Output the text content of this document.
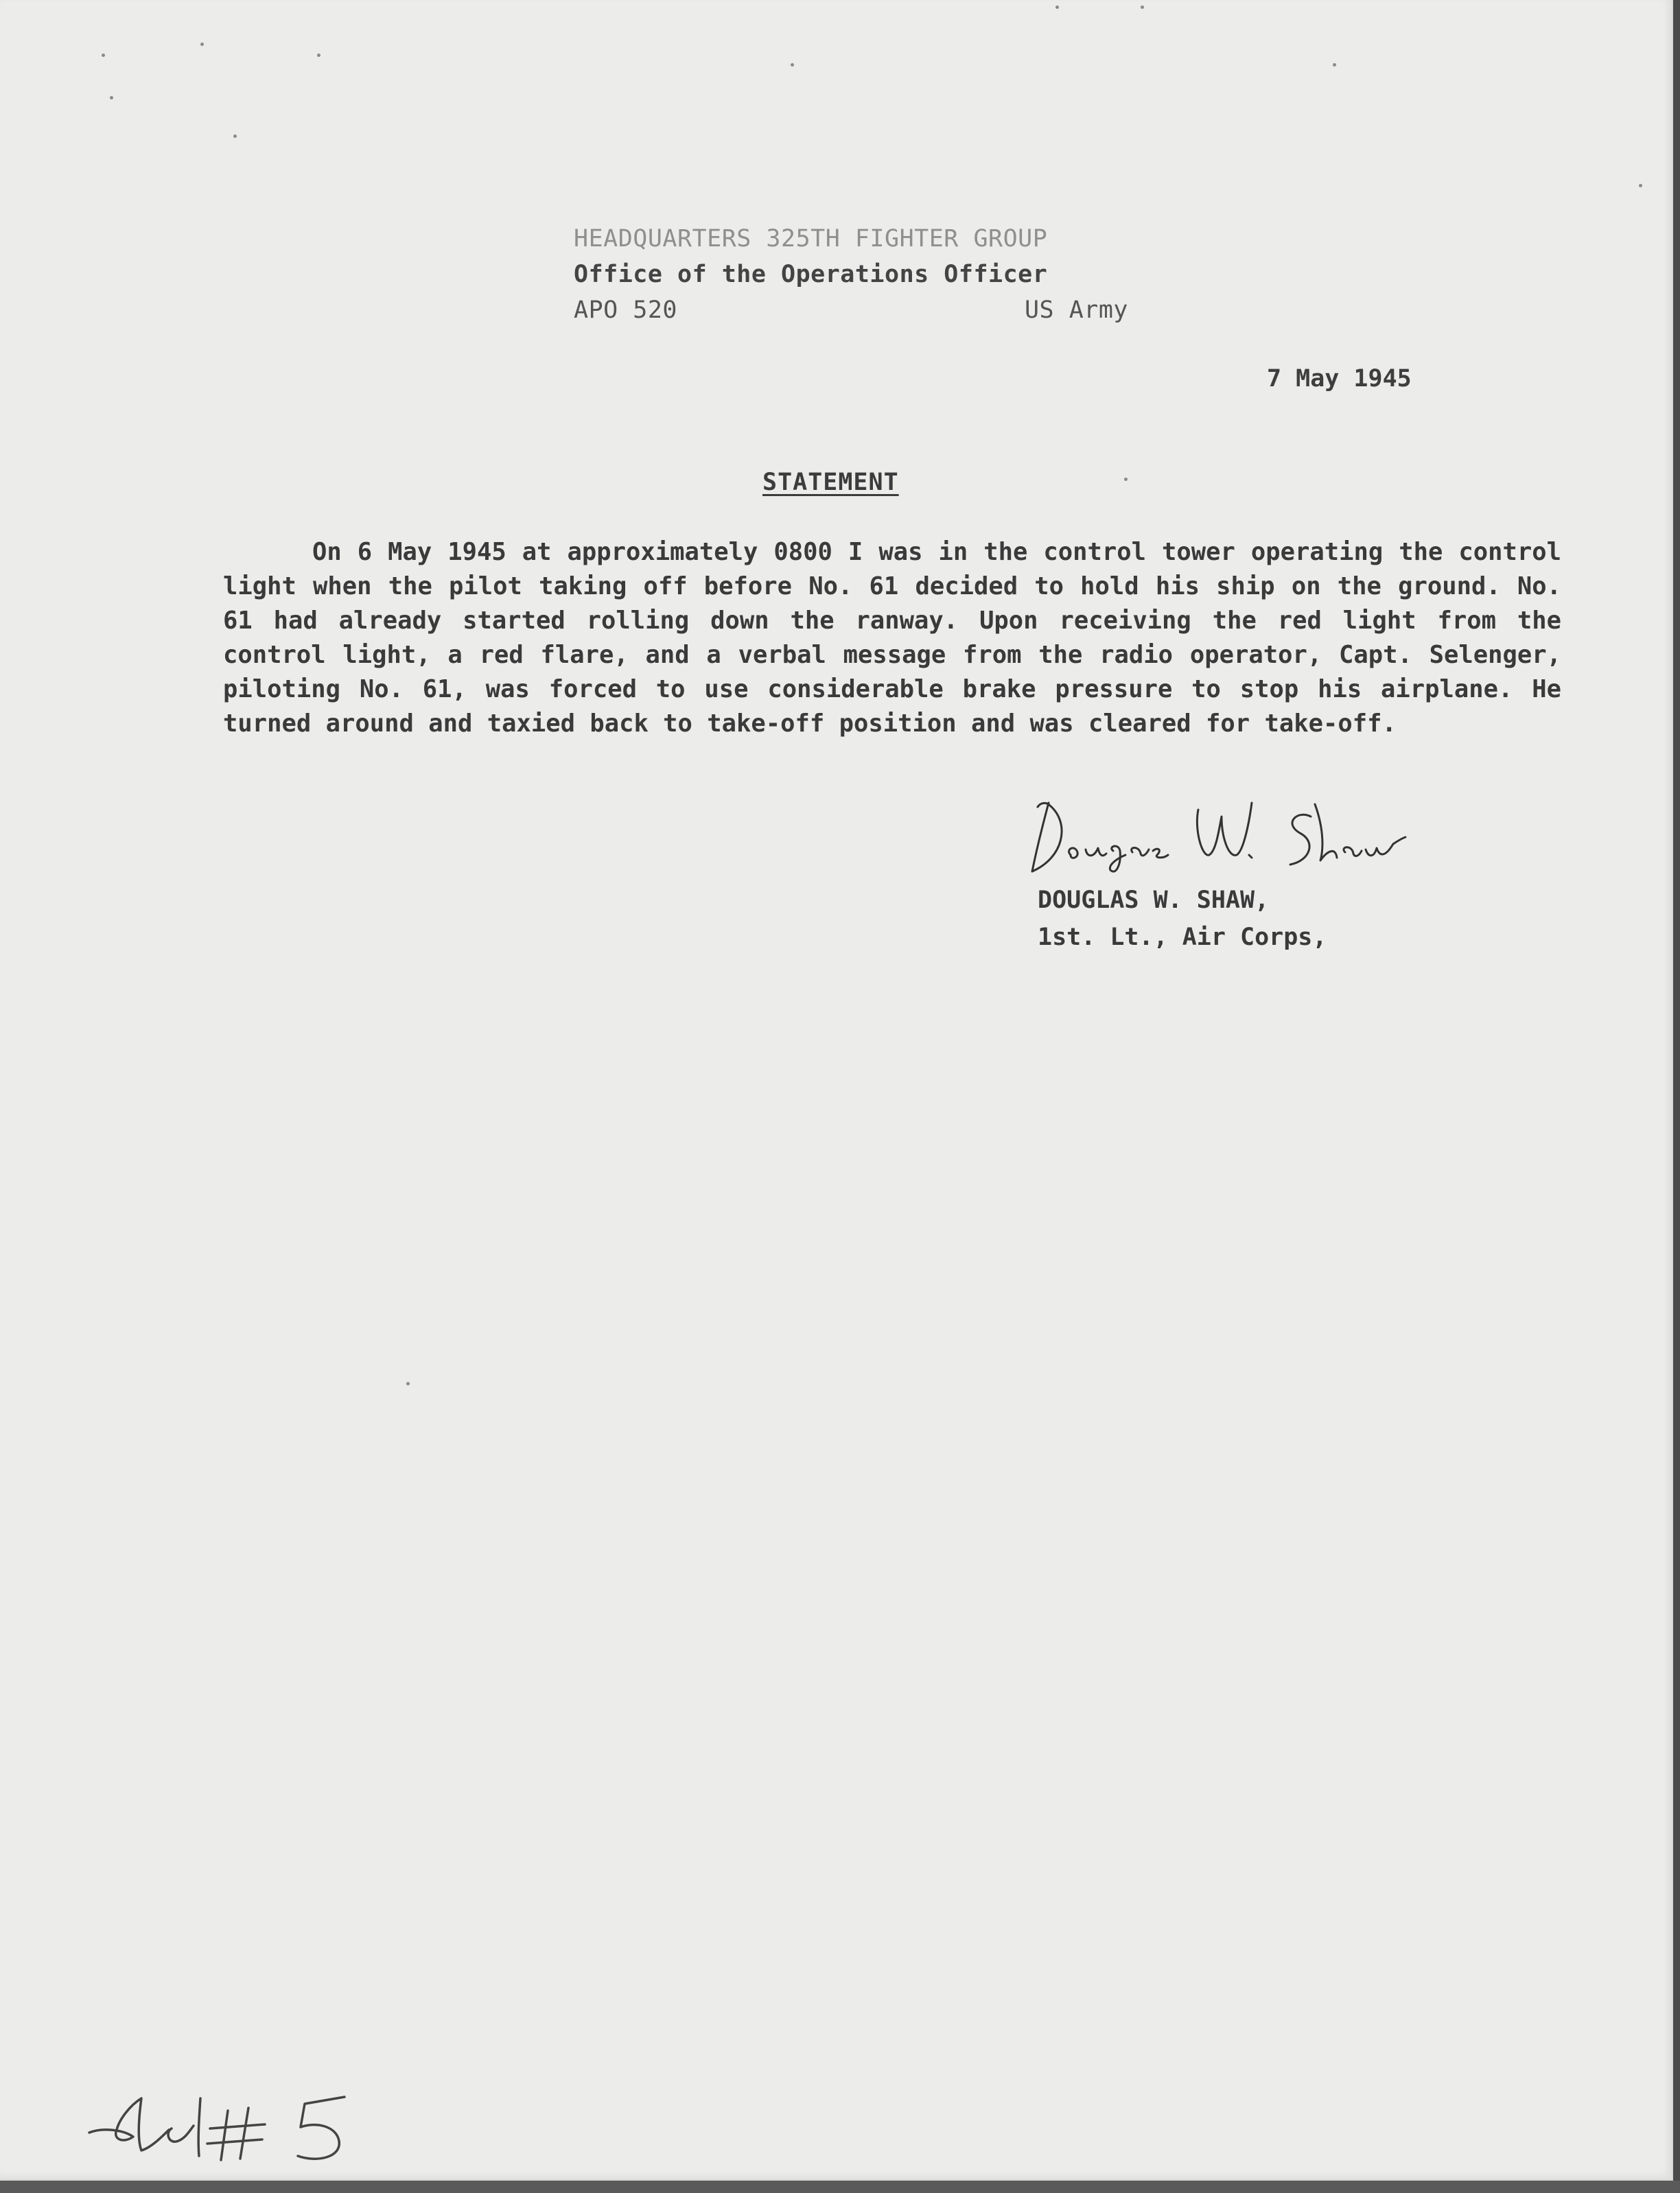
HEADQUARTERS 325TH FIGHTER GROUP
Office of the Operations Officer
APO 520	US Army
7 May 1945
STATEMENT

On 6 May 1945 at approximately 0800 I was in the control tower operating the control light when the pilot taking off before No. 61 decided to hold his ship on the ground. No. 61 had already started rolling down the ranway. Upon receiving the red light from the control light, a red flare, and a verbal message from the radio operator, Capt. Selenger, piloting No. 61, was forced to use considerable brake pressure to stop his airplane. He turned around and taxied back to take-off position and was cleared for take-off.

DOUGLAS W. SHAW,
1st. Lt., Air Corps,
